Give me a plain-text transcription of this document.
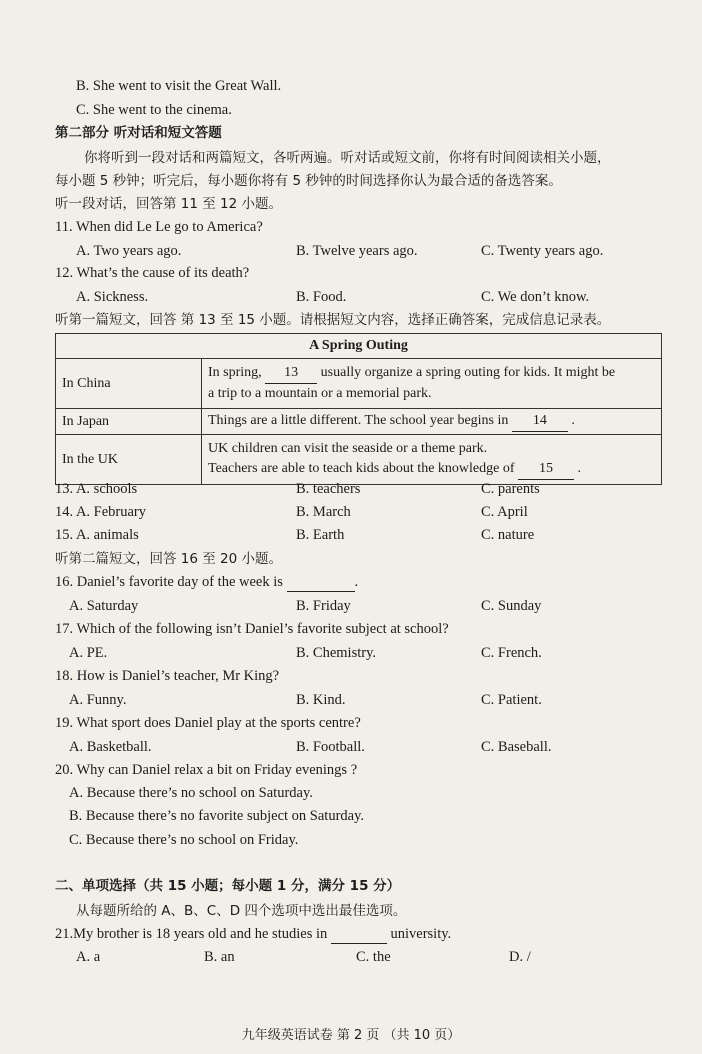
B. She went to visit the Great Wall.
C. She went to the cinema.
第二部分 听对话和短文答题
你将听到一段对话和两篇短文，各听两遍。听对话或短文前，你将有时间阅读相关小题，
每小题 5 秒钟；听完后，每小题你将有 5 秒钟的时间选择你认为最合适的备选答案。
听一段对话，回答第 11 至 12 小题。
11. When did Le Le go to America?
A. Two years ago.	B. Twelve years ago.	C. Twenty years ago.
12. What’s the cause of its death?
A. Sickness.	B. Food.	C. We don’t know.
听第一篇短文，回答 第 13 至 15 小题。请根据短文内容，选择正确答案，完成信息记录表。
A Spring Outing	
In China	In spring, 13 usually organize a spring outing for kids. It might be
a trip to a mountain or a memorial park.
In Japan	Things are a little different. The school year begins in 14 .
In the UK	UK children can visit the seaside or a theme park.
Teachers are able to teach kids about the knowledge of 15 .
13. A. schools	B. teachers	C. parents
14. A. February	B. March	C. April
15. A. animals	B. Earth	C. nature
听第二篇短文，回答 16 至 20 小题。
16. Daniel’s favorite day of the week is	.
A. Saturday	B. Friday	C. Sunday
17. Which of the following isn’t Daniel’s favorite subject at school?
A. PE.	B. Chemistry.	C. French.
18. How is Daniel’s teacher, Mr King?
A. Funny.	B. Kind.	C. Patient.
19. What sport does Daniel play at the sports centre?
A. Basketball.	B. Football.	C. Baseball.
20. Why can Daniel relax a bit on Friday evenings ?
A. Because there’s no school on Saturday.
B. Because there’s no favorite subject on Saturday.
C. Because there’s no school on Friday.
二、单项选择（共 15 小题；每小题 1 分，满分 15 分）
从每题所给的 A、B、C、D 四个选项中选出最佳选项。
21.My brother is 18 years old and he studies in	university.
A. a	B. an	C. the	D. /
九年级英语试卷 第 2 页 （共 10 页）
